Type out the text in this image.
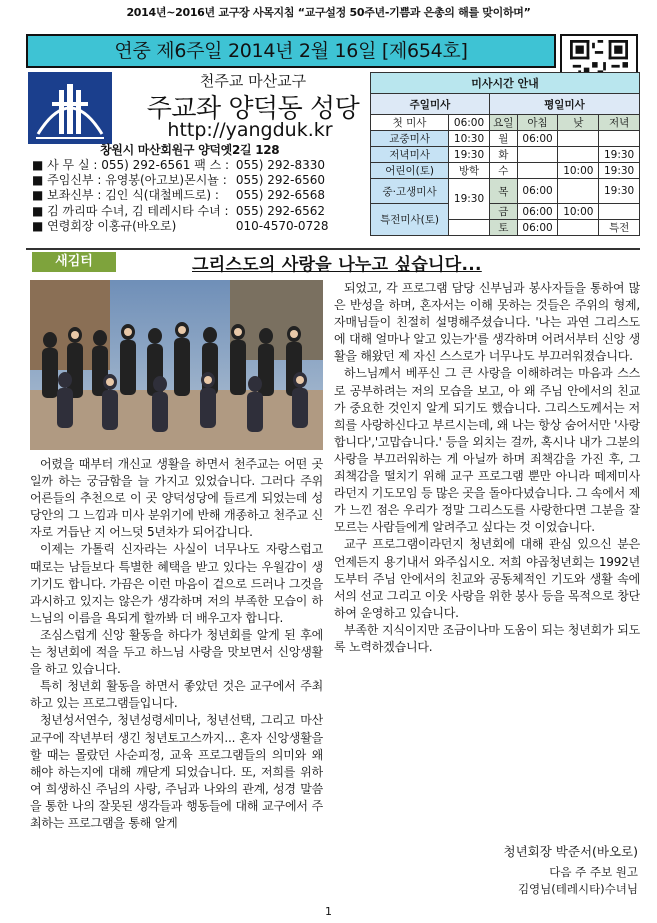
2014년~2016년 교구장 사목지침 “교구설정 50주년-기쁨과 은총의 해를 맞이하며”
연중 제6주일 2014년 2월 16일 [제654호]
천주교 마산교구
주교좌 양덕동 성당
http://yangduk.kr
창원시 마산회원구 양덕옛2길 128
■ 사 무 실 : 055) 292-6561 팩 스 : 055) 292-8330
■ 주임신부 : 유영봉(아고보)몬시뇰 : 055) 292-6560
■ 보좌신부 : 김인 식(대철베드로) :	055) 292-6568
■ 김 까리따 수녀, 김 테레시타 수녀 : 055) 292-6562
■ 연령회장 이홍규(바오로)	010-4570-0728
미사시간 안내					
주일미사		평일미사			
첫 미사	06:00	요일	아침	낮	저녁
교중미사	10:30	월	06:00		
저녁미사	19:30	화			19:30
어린이(토)	방학	수		10:00	19:30
중·고생미사	19:30	목	06:00		19:30
특전미사(토)		금	06:00	10:00	
		토	06:00		특전
새김터	그리스도의 사랑을 나누고 싶습니다...

어렸을 때부터 개신교 생활을 하면서 천주교는 어떤 곳일까 하는 궁금함을 늘 가지고 있었습니다. 그러다 주위 어른들의 추천으로 이 곳 양덕성당에 들르게 되었는데 성당안의 그 느낌과 미사 분위기에 반해 개종하고 천주교 신자로 거듭난 지 어느덧 5년차가 되어갑니다.

이제는 가톨릭 신자라는 사실이 너무나도 자랑스럽고 때로는 남들보다 특별한 혜택을 받고 있다는 우월감이 생기기도 합니다. 가끔은 이런 마음이 겉으로 드러나 그것을 과시하고 있지는 않은가 생각하며 저의 부족한 모습이 하느님의 이름을 욕되게 할까봐 더 배우고자 합니다.

조심스럽게 신앙 활동을 하다가 청년회를 알게 된 후에는 청년회에 적을 두고 하느님 사랑을 맛보면서 신앙생활을 하고 있습니다.

특히 청년회 활동을 하면서 좋았던 것은 교구에서 주최하고 있는 프로그램들입니다.

청년성서연수, 청년성령세미나, 청년선택, 그리고 마산교구에 작년부터 생긴 청년토고스까지... 혼자 신앙생활을 할 때는 몰랐던 사순피정, 교육 프로그램들의 의미와 왜 해야 하는지에 대해 깨닫게 되었습니다. 또, 저희를 위하여 희생하신 주님의 사랑, 주님과 나와의 관계, 성경 말씀을 통한 나의 잘못된 생각들과 행동들에 대해 교구에서 주최하는 프로그램을 통해 알게

되었고, 각 프로그램 담당 신부님과 봉사자들을 통하여 많은 반성을 하며, 혼자서는 이해 못하는 것들은 주위의 형제, 자매님들이 친절히 설명해주셨습니다. '나는 과연 그리스도에 대해 얼마나 알고 있는가'를 생각하며 어려서부터 신앙 생활을 해왔던 제 자신 스스로가 너무나도 부끄러워졌습니다.

하느님께서 베푸신 그 큰 사랑을 이해하려는 마음과 스스로 공부하려는 저의 모습을 보고, 아 왜 주님 안에서의 친교가 중요한 것인지 알게 되기도 했습니다. 그리스도께서는 저희를 사랑하신다고 부르시는데, 왜 나는 항상 숨어서만 '사랑합니다','고맙습니다.' 등을 외치는 걸까, 혹시나 내가 그분의 사랑을 부끄러워하는 게 아닐까 하며 죄책감을 가진 후, 그 죄책감을 떨치기 위해 교구 프로그램 뿐만 아니라 떼제미사라던지 기도모임 등 많은 곳을 돌아다녔습니다. 그 속에서 제가 느낀 점은 우리가 정말 그리스도를 사랑한다면 그분을 잘 모르는 사람들에게 알려주고 싶다는 것 이었습니다.

교구 프로그램이라던지 청년회에 대해 관심 있으신 분은 언제든지 용기내서 와주십시오. 저희 야곱청년회는 1992년도부터 주님 안에서의 친교와 공동체적인 기도와 생활 속에서의 선교 그리고 이웃 사랑을 위한 봉사 등을 목적으로 창단하여 운영하고 있습니다.

부족한 지식이지만 조금이나마 도움이 되는 청년회가 되도록 노력하겠습니다.

청년회장 박준서(바오로)
다음 주 주보 원고
김영님(테레시타)수녀님
1
